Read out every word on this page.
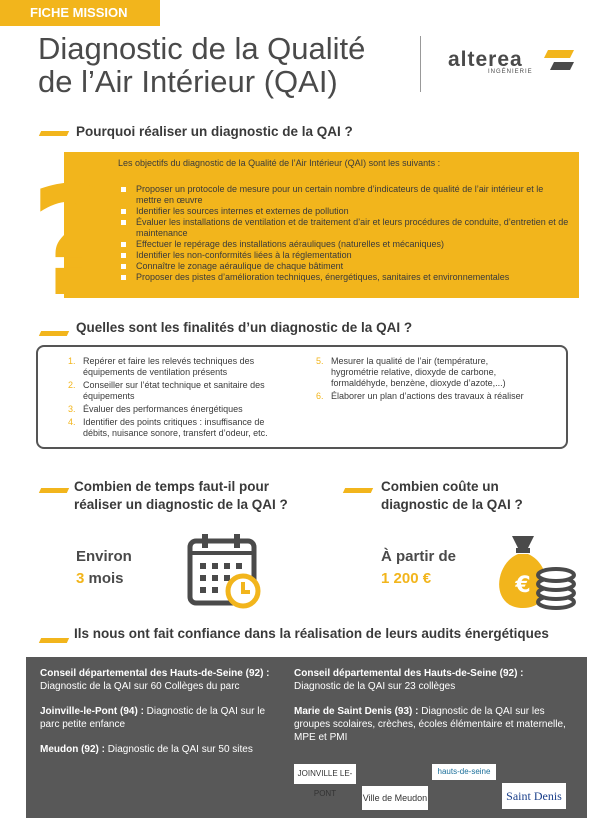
FICHE MISSION
Diagnostic de la Qualité
de l’Air Intérieur (QAI)
alterea
INGÉNIERIE
Pourquoi réaliser un diagnostic de la QAI ?
? Les objectifs du diagnostic de la Qualité de l’Air Intérieur (QAI) sont les suivants :
Proposer un protocole de mesure pour un certain nombre d’indicateurs de qualité de l’air intérieur et le mettre en œuvre
Identifier les sources internes et externes de pollution
Évaluer les installations de ventilation et de traitement d’air et leurs procédures de conduite, d’entretien et de maintenance
Effectuer le repérage des installations aérauliques (naturelles et mécaniques)
Identifier les non-conformités liées à la réglementation
Connaître le zonage aéraulique de chaque bâtiment
Proposer des pistes d’amélioration techniques, énergétiques, sanitaires et environnementales
Quelles sont les finalités d’un diagnostic de la QAI ?
1. Repérer et faire les relevés techniques des équipements de ventilation présents
2. Conseiller sur l’état technique et sanitaire des équipements
3. Évaluer des performances énergétiques
4. Identifier des points critiques : insuffisance de débits, nuisance sonore, transfert d’odeur, etc.
5. Mesurer la qualité de l’air (température, hygrométrie relative, dioxyde de carbone, formaldéhyde, benzène, dioxyde d’azote,...)
6. Élaborer un plan d’actions des travaux à réaliser
Combien de temps faut-il pour
réaliser un diagnostic de la QAI ?
Environ
3 mois
Combien coûte un
diagnostic de la QAI ?
À partir de
1 200 €	€
Ils nous ont fait confiance dans la réalisation de leurs audits énergétiques
Conseil départemental des Hauts-de-Seine (92) : Diagnostic de la QAI sur 60 Collèges du parc
Joinville-le-Pont (94) : Diagnostic de la QAI sur le parc petite enfance
Meudon (92) : Diagnostic de la QAI sur 50 sites
Conseil départemental des Hauts-de-Seine (92) : Diagnostic de la QAI sur 23 collèges
Marie de Saint Denis (93) : Diagnostic de la QAI sur les groupes scolaires, crèches, écoles élémentaire et maternelle, MPE et PMI
JOINVILLE LE-PONT
hauts-de-seine
Ville de Meudon	Saint Denis
